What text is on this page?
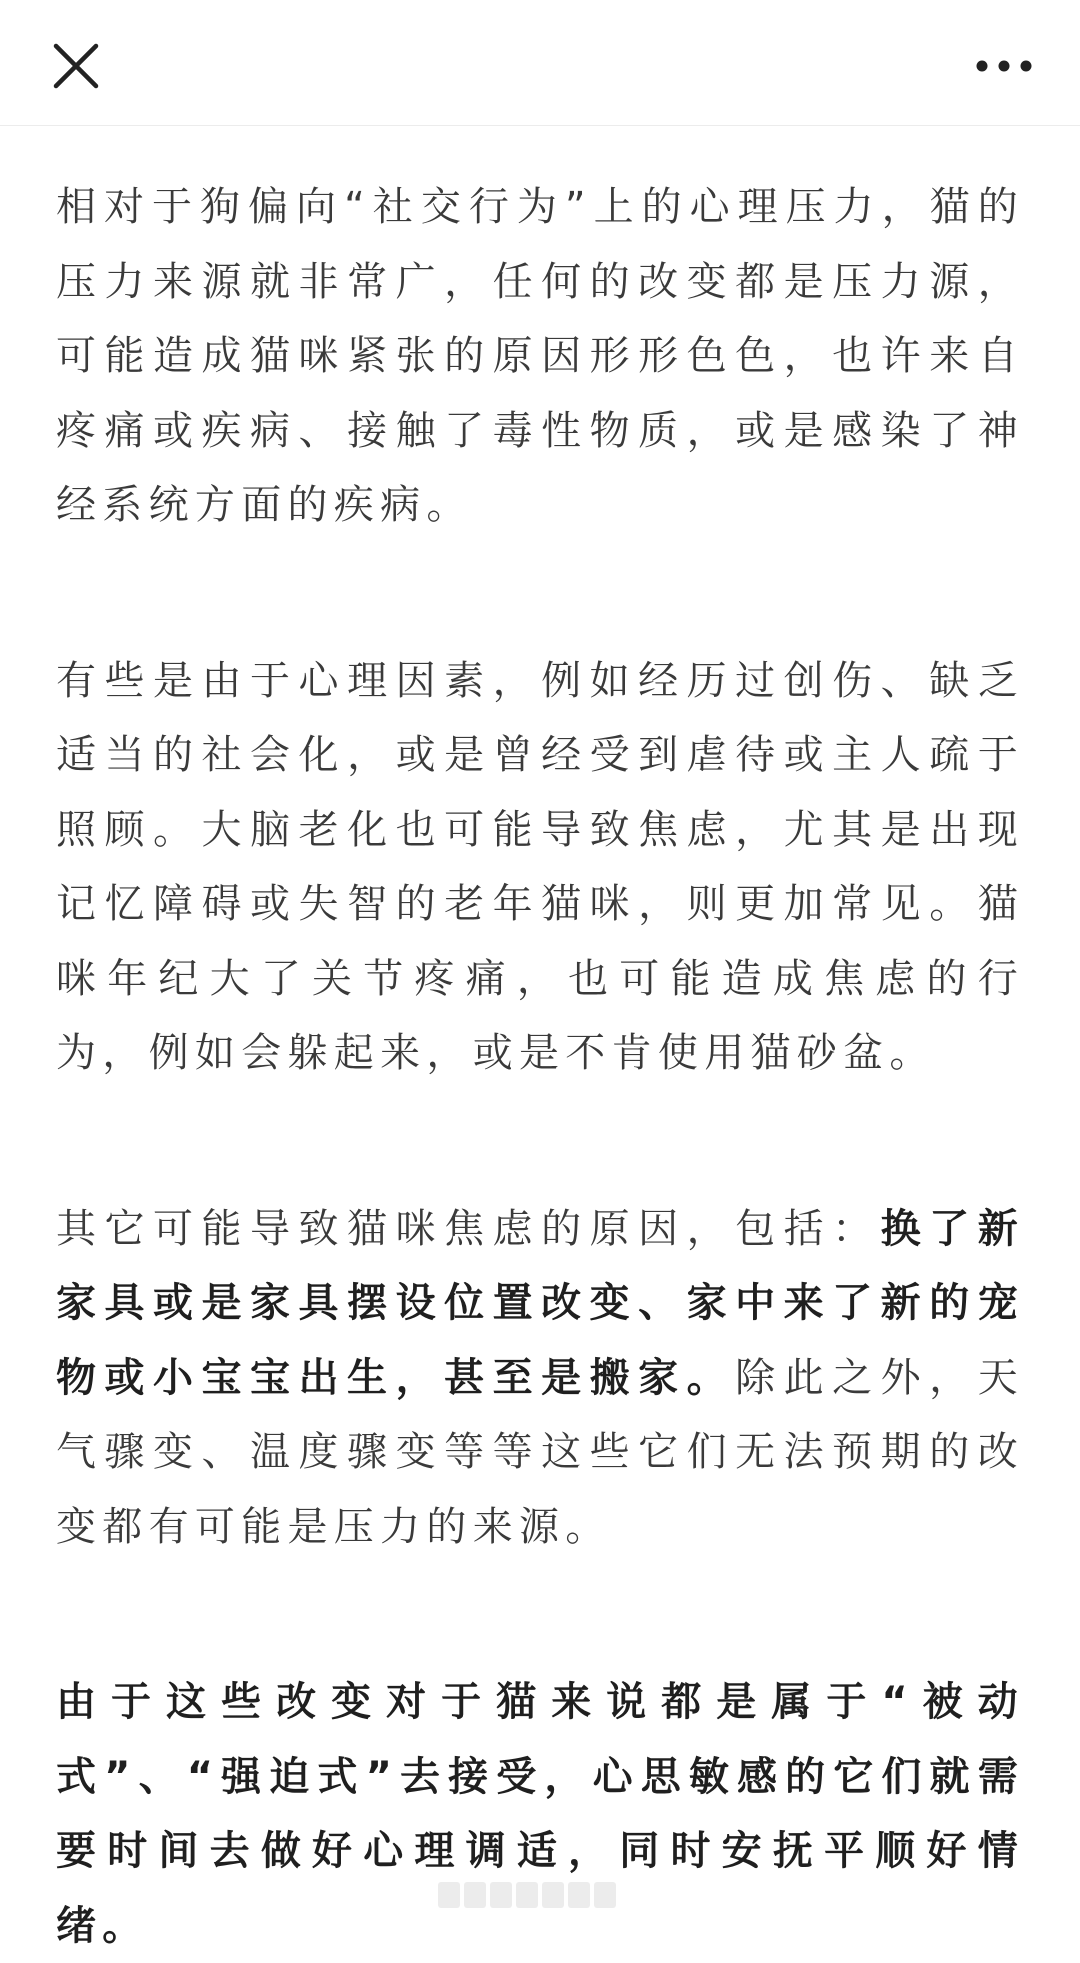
相对于狗偏向“社交行为”上的心理压力，猫的压力来源就非常广，任何的改变都是压力源，可能造成猫咪紧张的原因形形色色，也许来自疼痛或疾病、接触了毒性物质，或是感染了神经系统方面的疾病。

有些是由于心理因素，例如经历过创伤、缺乏适当的社会化，或是曾经受到虐待或主人疏于照顾。大脑老化也可能导致焦虑，尤其是出现记忆障碍或失智的老年猫咪，则更加常见。猫咪年纪大了关节疼痛，也可能造成焦虑的行为，例如会躲起来，或是不肯使用猫砂盆。

其它可能导致猫咪焦虑的原因，包括：换了新家具或是家具摆设位置改变、家中来了新的宠物或小宝宝出生，甚至是搬家。除此之外，天气骤变、温度骤变等等这些它们无法预期的改变都有可能是压力的来源。

由于这些改变对于猫来说都是属于“被动式”、“强迫式”去接受，心思敏感的它们就需要时间去做好心理调适，同时安抚平顺好情绪。
